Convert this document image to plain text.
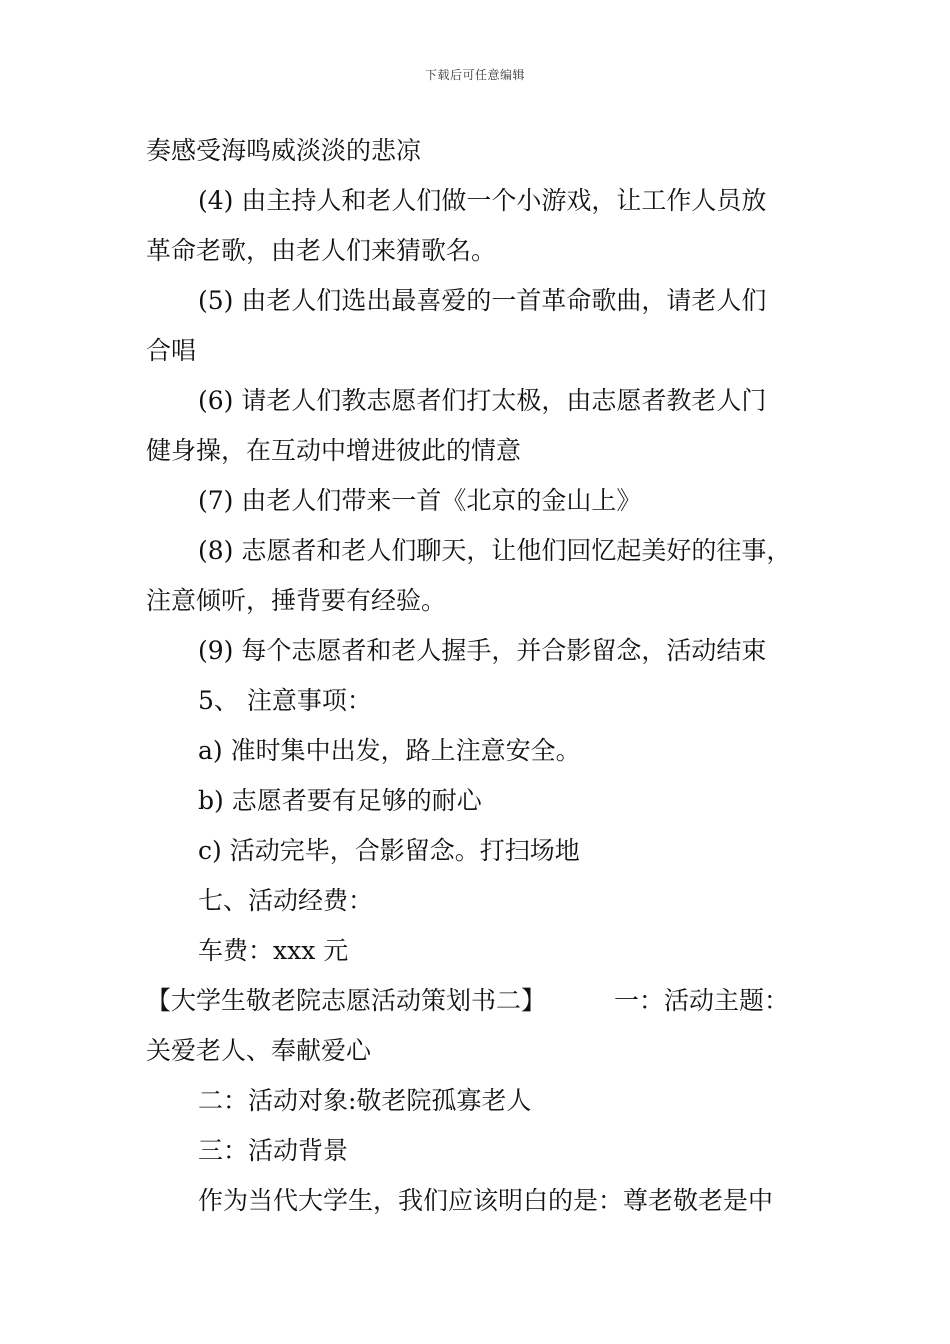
下载后可任意编辑
奏感受海鸣威淡淡的悲凉
(4) 由主持人和老人们做一个小游戏，让工作人员放
革命老歌，由老人们来猜歌名。
(5) 由老人们选出最喜爱的一首革命歌曲，请老人们
合唱
(6) 请老人们教志愿者们打太极，由志愿者教老人门
健身操，在互动中增进彼此的情意
(7) 由老人们带来一首《北京的金山上》
(8) 志愿者和老人们聊天，让他们回忆起美好的往事，
注意倾听，捶背要有经验。
(9) 每个志愿者和老人握手，并合影留念，活动结束
5、 注意事项：
a) 准时集中出发，路上注意安全。
b) 志愿者要有足够的耐心
c) 活动完毕，合影留念。打扫场地
七、活动经费：
车费：xxx 元
【大学生敬老院志愿活动策划书二】	一：活动主题：
关爱老人、奉献爱心
二：活动对象:敬老院孤寡老人
三：活动背景
作为当代大学生，我们应该明白的是：尊老敬老是中
